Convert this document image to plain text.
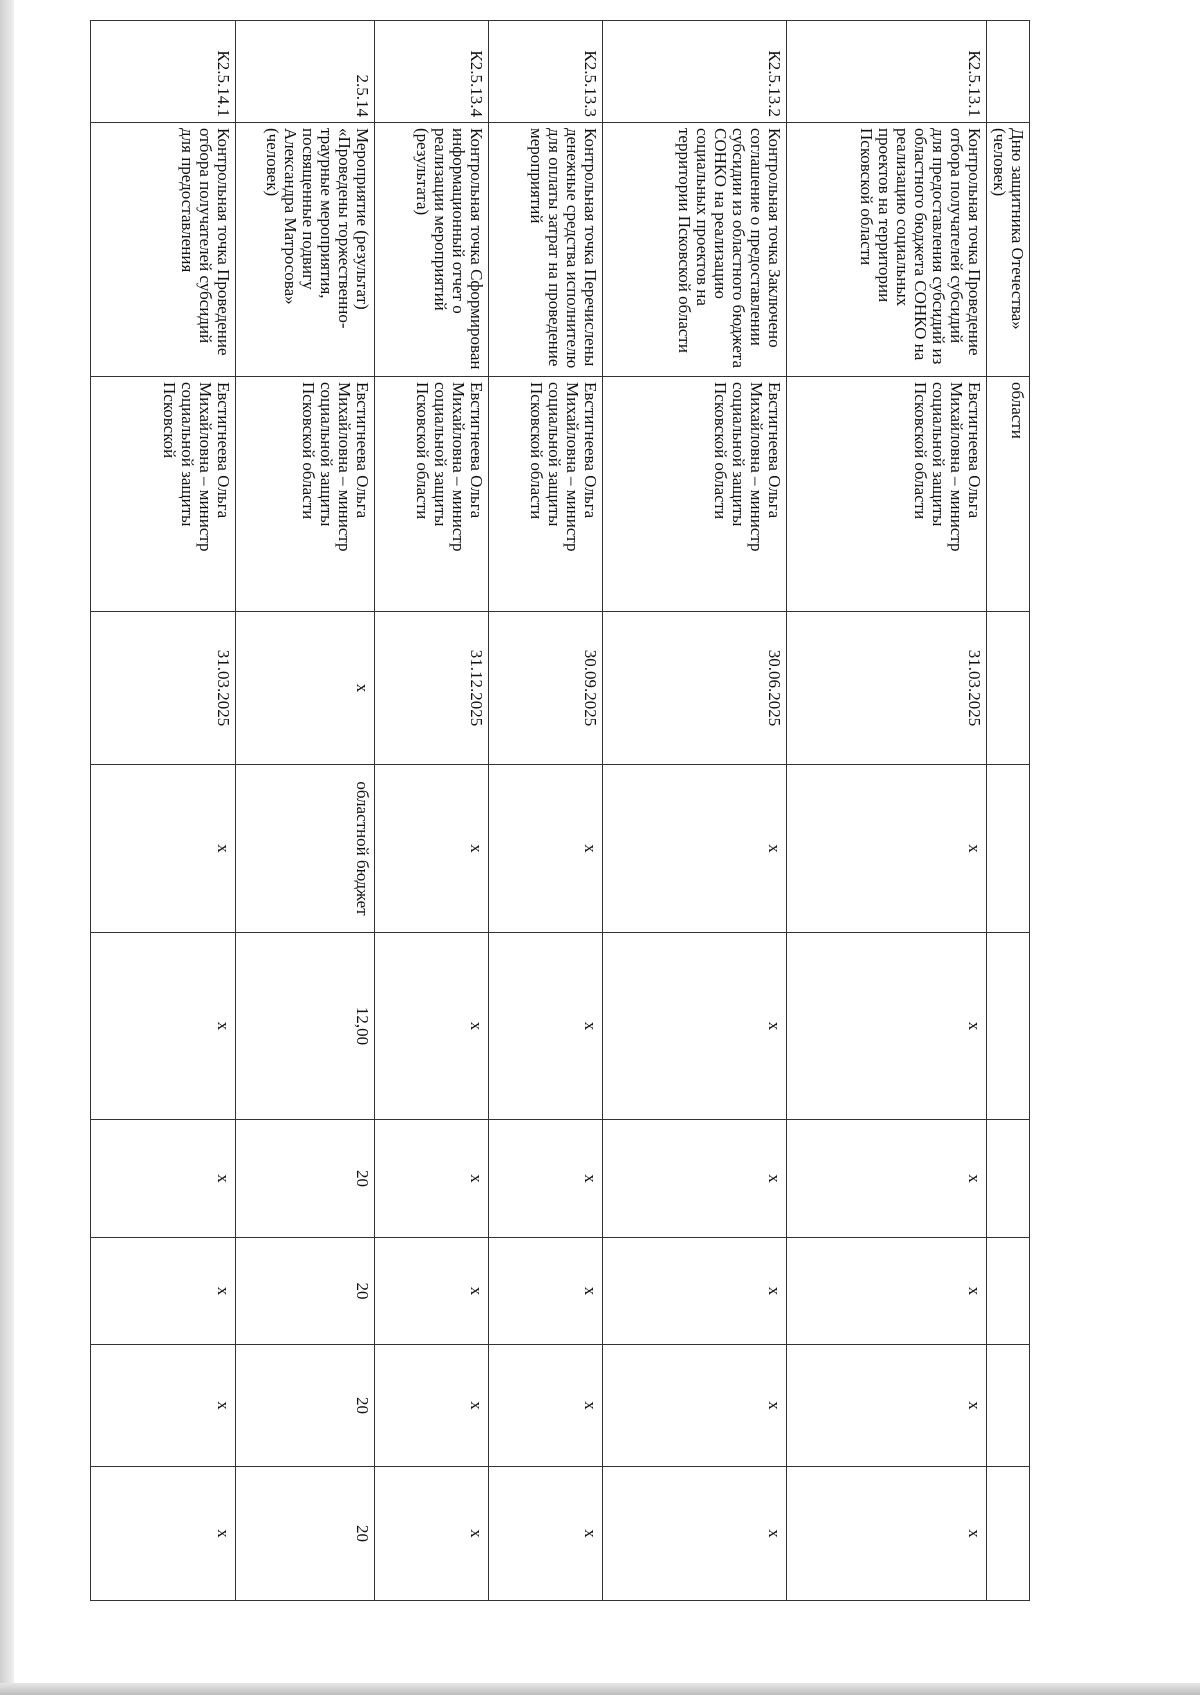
	Дню защитника Отечества» (человек)	области							
К2.5.13.1	Контрольная точка Проведение отбора получателей субсидий для предоставления субсидий из областного бюджета СОНКО на реализацию социальных проектов на территории Псковской области	Евстигнеева Ольга Михайловна – министр социальной защиты Псковской области	31.03.2025	х	х	х	х	х	х
К2.5.13.2	Контрольная точка Заключено соглашение о предоставлении субсидии из областного бюджета СОНКО на реализацию социальных проектов на территории Псковской области	Евстигнеева Ольга Михайловна – министр социальной защиты Псковской области	30.06.2025	х	х	х	х	х	х
К2.5.13.3	Контрольная точка Перечислены денежные средства исполнителю для оплаты затрат на проведение мероприятий	Евстигнеева Ольга Михайловна – министр социальной защиты Псковской области	30.09.2025	х	х	х	х	х	х
К2.5.13.4	Контрольная точка Сформирован информационный отчет о реализации мероприятий (результата)	Евстигнеева Ольга Михайловна – министр социальной защиты Псковской области	31.12.2025	х	х	х	х	х	х
2.5.14	Мероприятие (результат) «Проведены торжественно-траурные мероприятия, посвященные подвигу Александра Матросова» (человек)	Евстигнеева Ольга Михайловна – министр социальной защиты Псковской области	х	областной бюджет	12,00	20	20	20	20
К2.5.14.1	Контрольная точка Проведение отбора получателей субсидий для предоставления	Евстигнеева Ольга Михайловна – министр социальной защиты Псковской	31.03.2025	х	х	х	х	х	х
